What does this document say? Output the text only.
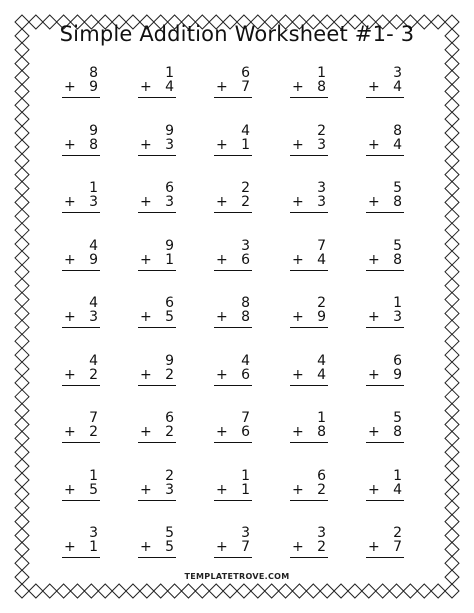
Simple Addition Worksheet #1- 3
8
+ 9
1
+ 4
6
+ 7
1
+ 8
3
+ 4
9
+ 8
9
+ 3
4
+ 1
2
+ 3
8
+ 4
1
+ 3
6
+ 3
2
+ 2
3
+ 3
5
+ 8
4
+ 9
9
+ 1
3
+ 6
7
+ 4
5
+ 8
4
+ 3
6
+ 5
8
+ 8
2
+ 9
1
+ 3
4
+ 2
9
+ 2
4
+ 6
4
+ 4
6
+ 9
7
+ 2
6
+ 2
7
+ 6
1
+ 8
5
+ 8
1
+ 5
2
+ 3
1
+ 1
6
+ 2
1
+ 4
3
+ 1
5
+ 5
3
+ 7
3
+ 2
2
+ 7
TEMPLATETROVE.COM
